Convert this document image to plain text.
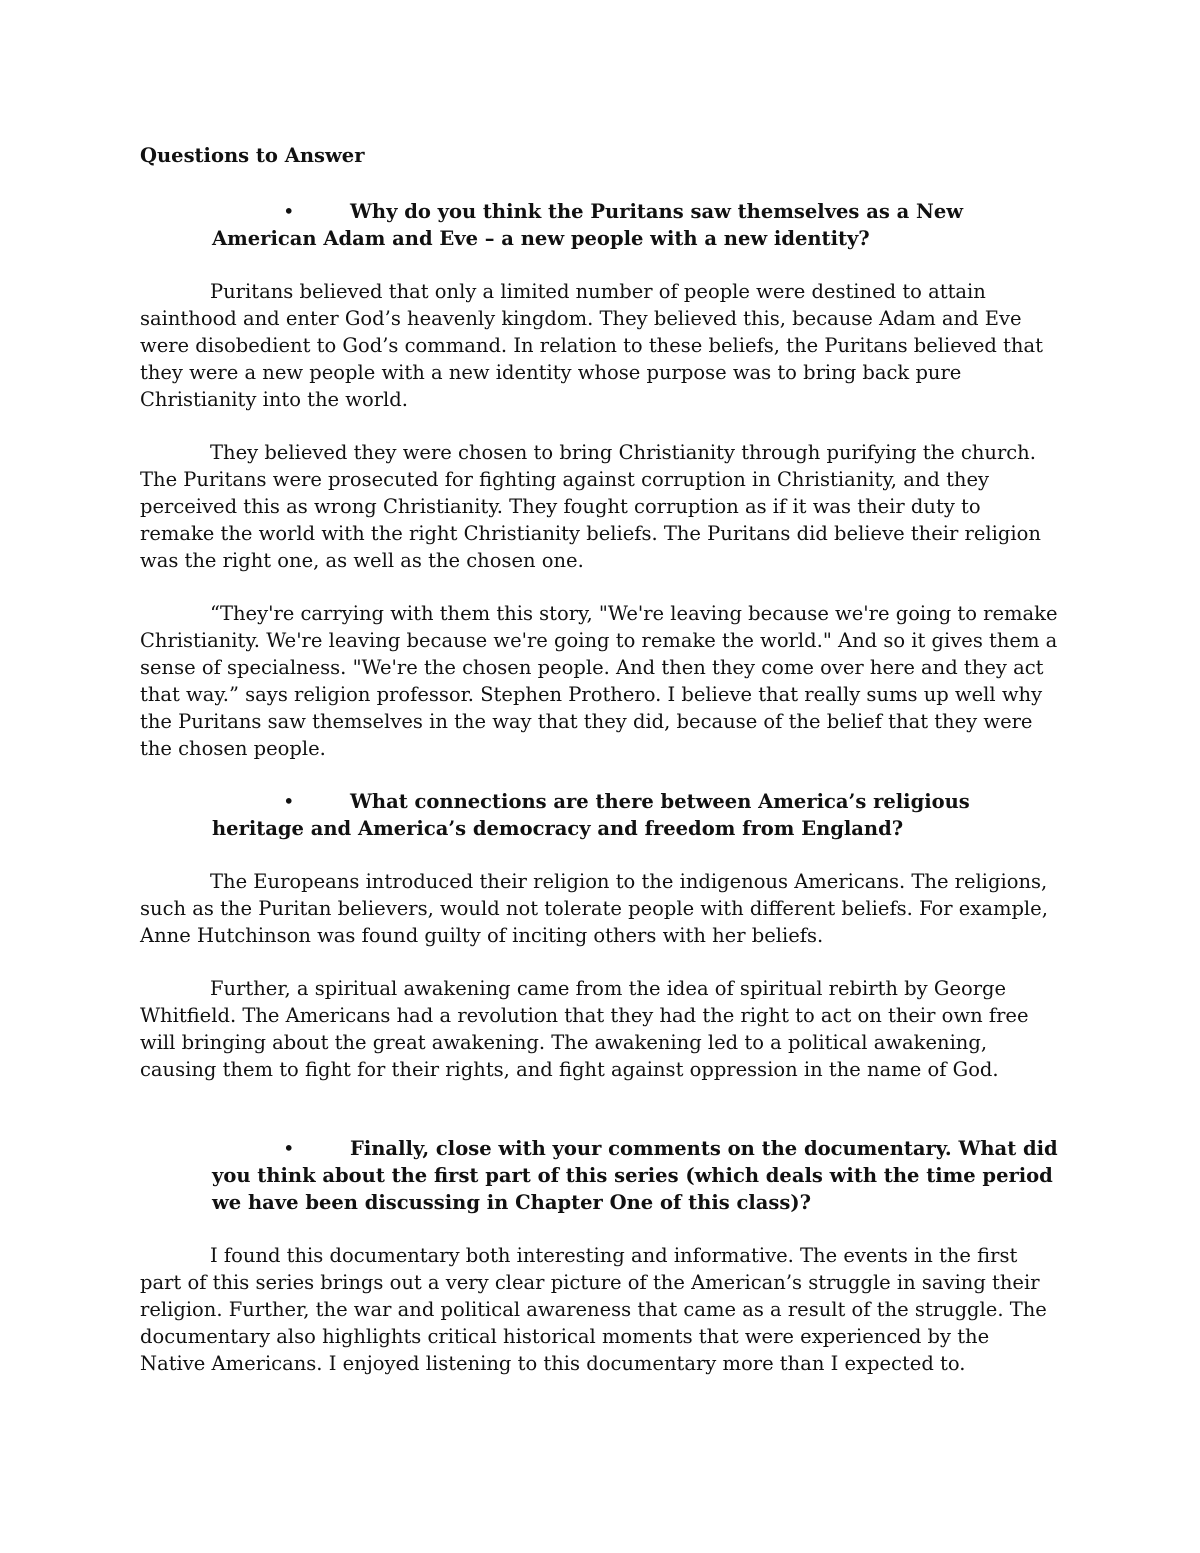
Questions to Answer
•	Why do you think the Puritans saw themselves as a New American Adam and Eve – a new people with a new identity?

Puritans believed that only a limited number of people were destined to attain sainthood and enter God’s heavenly kingdom. They believed this, because Adam and Eve were disobedient to God’s command. In relation to these beliefs, the Puritans believed that they were a new people with a new identity whose purpose was to bring back pure Christianity into the world.

They believed they were chosen to bring Christianity through purifying the church. The Puritans were prosecuted for fighting against corruption in Christianity, and they perceived this as wrong Christianity. They fought corruption as if it was their duty to remake the world with the right Christianity beliefs. The Puritans did believe their religion was the right one, as well as the chosen one.

“They're carrying with them this story, "We're leaving because we're going to remake Christianity. We're leaving because we're going to remake the world." And so it gives them a sense of specialness. "We're the chosen people. And then they come over here and they act that way.” says religion professor. Stephen Prothero. I believe that really sums up well why the Puritans saw themselves in the way that they did, because of the belief that they were the chosen people.

•	What connections are there between America’s religious heritage and America’s democracy and freedom from England?

The Europeans introduced their religion to the indigenous Americans. The religions, such as the Puritan believers, would not tolerate people with different beliefs. For example, Anne Hutchinson was found guilty of inciting others with her beliefs.

Further, a spiritual awakening came from the idea of spiritual rebirth by George Whitfield. The Americans had a revolution that they had the right to act on their own free will bringing about the great awakening. The awakening led to a political awakening, causing them to fight for their rights, and fight against oppression in the name of God.

•	Finally, close with your comments on the documentary. What did you think about the first part of this series (which deals with the time period we have been discussing in Chapter One of this class)?

I found this documentary both interesting and informative. The events in the first part of this series brings out a very clear picture of the American’s struggle in saving their religion. Further, the war and political awareness that came as a result of the struggle. The documentary also highlights critical historical moments that were experienced by the Native Americans. I enjoyed listening to this documentary more than I expected to.
